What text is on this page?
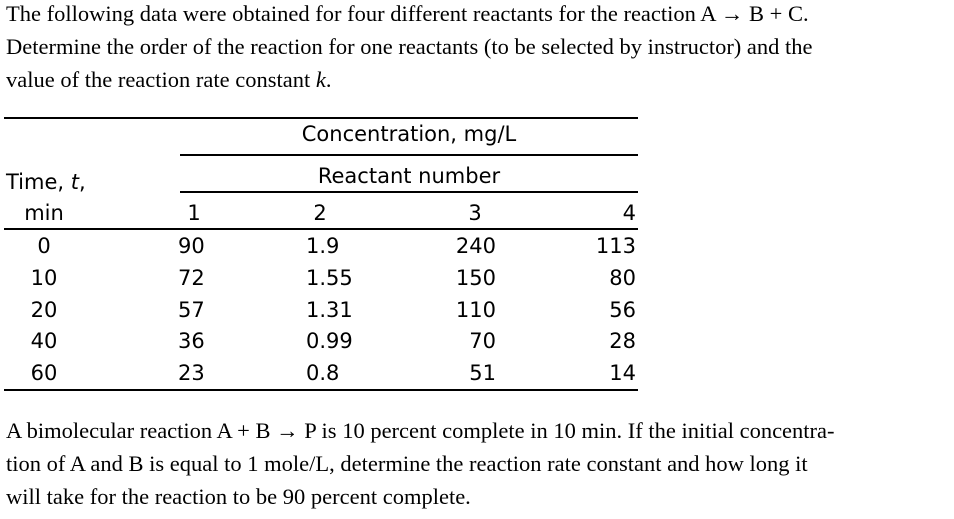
The following data were obtained for four different reactants for the reaction A → B + C.
Determine the order of the reaction for one reactants (to be selected by instructor) and the
value of the reaction rate constant k.

Concentration, mg/L
Reactant number
Time, t,
min	1	2	3	4
0	90	1.9	240	113
10	72	1.55	150	80
20	57	1.31	110	56
40	36	0.99	70	28
60	23	0.8	51	14

A bimolecular reaction A + B → P is 10 percent complete in 10 min. If the initial concentra-
tion of A and B is equal to 1 mole/L, determine the reaction rate constant and how long it
will take for the reaction to be 90 percent complete.
